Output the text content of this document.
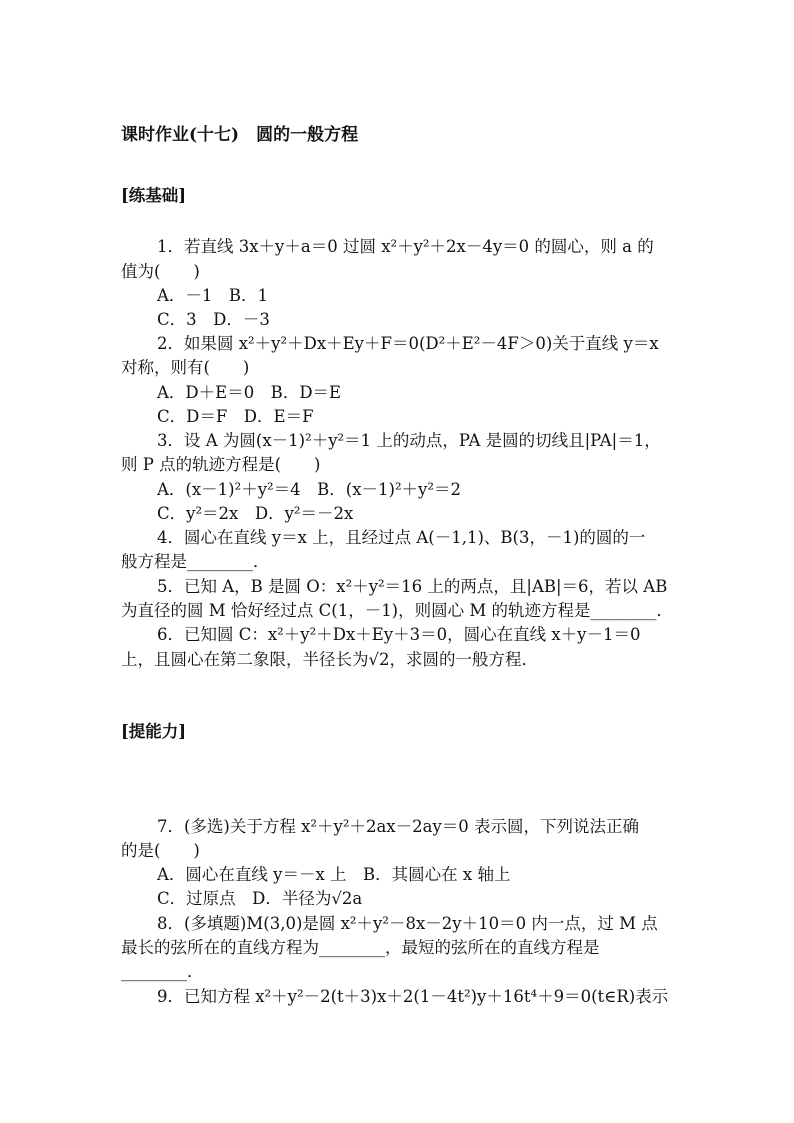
课时作业(十七)　圆的一般方程
[练基础]
1．若直线 3x＋y＋a＝0 过圆 x²＋y²＋2x－4y＝0 的圆心，则 a 的
值为(　　)
A．－1　B．1
C．3　D．－3
2．如果圆 x²＋y²＋Dx＋Ey＋F＝0(D²＋E²－4F＞0)关于直线 y＝x
对称，则有(　　)
A．D＋E＝0　B．D＝E
C．D＝F　D．E＝F
3．设 A 为圆(x－1)²＋y²＝1 上的动点，PA 是圆的切线且|PA|＝1，
则 P 点的轨迹方程是(　　)
A．(x－1)²＋y²＝4　B．(x－1)²＋y²＝2
C．y²＝2x　D．y²＝－2x
4．圆心在直线 y＝x 上，且经过点 A(－1,1)、B(3，－1)的圆的一
般方程是________．
5．已知 A，B 是圆 O：x²＋y²＝16 上的两点，且|AB|＝6，若以 AB
为直径的圆 M 恰好经过点 C(1，－1)，则圆心 M 的轨迹方程是________．
6．已知圆 C：x²＋y²＋Dx＋Ey＋3＝0，圆心在直线 x＋y－1＝0
上，且圆心在第二象限，半径长为√2，求圆的一般方程．
[提能力]
7．(多选)关于方程 x²＋y²＋2ax－2ay＝0 表示圆，下列说法正确
的是(　　)
A．圆心在直线 y＝－x 上　B．其圆心在 x 轴上
C．过原点　D．半径为√2a
8．(多填题)M(3,0)是圆 x²＋y²－8x－2y＋10＝0 内一点，过 M 点
最长的弦所在的直线方程为________，最短的弦所在的直线方程是
________．
9．已知方程 x²＋y²－2(t＋3)x＋2(1－4t²)y＋16t⁴＋9＝0(t∈R)表示
